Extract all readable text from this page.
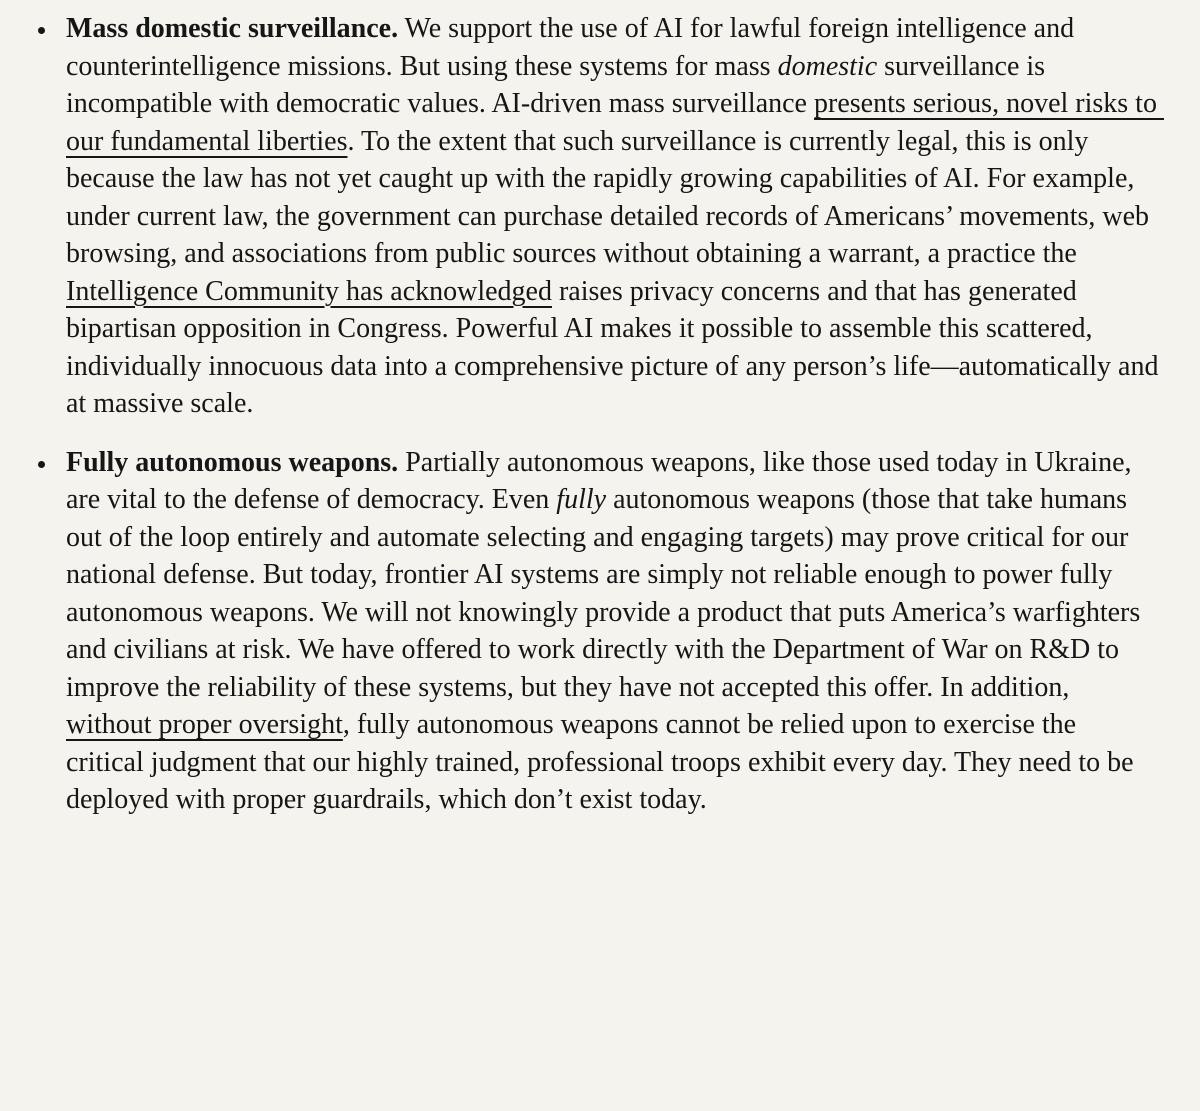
• Mass domestic surveillance. We support the use of AI for lawful foreign intelligence and counterintelligence missions. But using these systems for mass domestic surveillance is incompatible with democratic values. AI-driven mass surveillance presents serious, novel risks to our fundamental liberties. To the extent that such surveillance is currently legal, this is only because the law has not yet caught up with the rapidly growing capabilities of AI. For example, under current law, the government can purchase detailed records of Americans’ movements, web browsing, and associations from public sources without obtaining a warrant, a practice the Intelligence Community has acknowledged raises privacy concerns and that has generated bipartisan opposition in Congress. Powerful AI makes it possible to assemble this scattered, individually innocuous data into a comprehensive picture of any person’s life—automatically and at massive scale.
• Fully autonomous weapons. Partially autonomous weapons, like those used today in Ukraine, are vital to the defense of democracy. Even fully autonomous weapons (those that take humans out of the loop entirely and automate selecting and engaging targets) may prove critical for our national defense. But today, frontier AI systems are simply not reliable enough to power fully autonomous weapons. We will not knowingly provide a product that puts America’s warfighters and civilians at risk. We have offered to work directly with the Department of War on R&D to improve the reliability of these systems, but they have not accepted this offer. In addition, without proper oversight, fully autonomous weapons cannot be relied upon to exercise the critical judgment that our highly trained, professional troops exhibit every day. They need to be deployed with proper guardrails, which don’t exist today.
